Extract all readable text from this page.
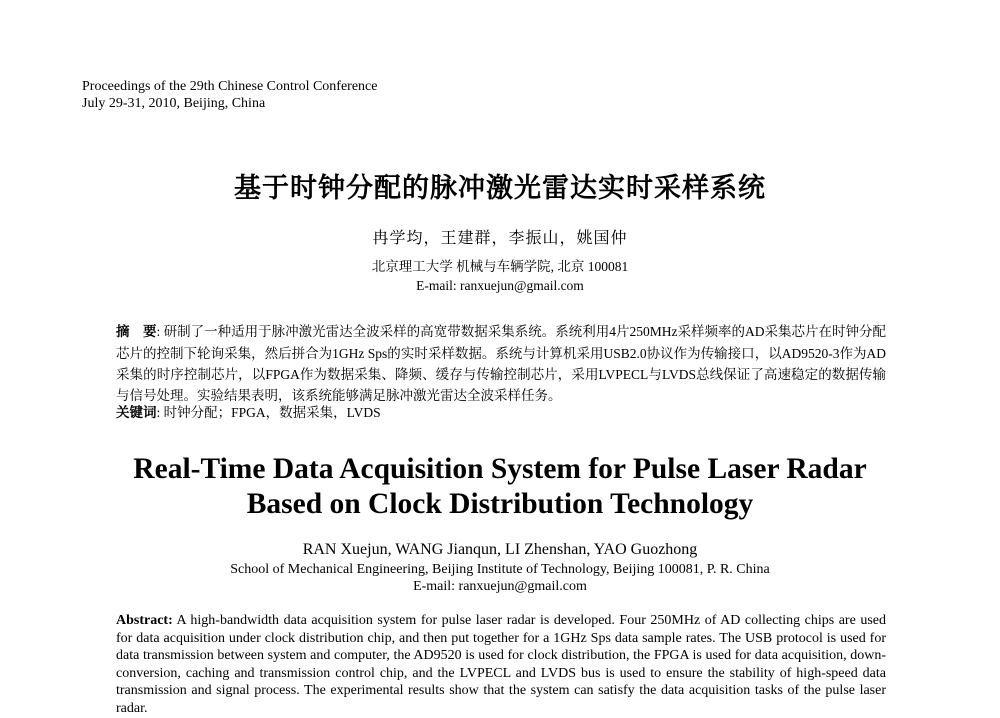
Proceedings of the 29th Chinese Control Conference
July 29-31, 2010, Beijing, China
基于时钟分配的脉冲激光雷达实时采样系统
冉学均，王建群，李振山，姚国仲
北京理工大学 机械与车辆学院, 北京 100081
E-mail: ranxuejun@gmail.com
摘　要: 研制了一种适用于脉冲激光雷达全波采样的高宽带数据采集系统。系统利用4片250MHz采样频率的AD采集芯片在时钟分配芯片的控制下轮询采集，然后拼合为1GHz Sps的实时采样数据。系统与计算机采用USB2.0协议作为传输接口，以AD9520-3作为AD采集的时序控制芯片，以FPGA作为数据采集、降频、缓存与传输控制芯片，采用LVPECL与LVDS总线保证了高速稳定的数据传输与信号处理。实验结果表明，该系统能够满足脉冲激光雷达全波采样任务。
关键词: 时钟分配；FPGA，数据采集，LVDS
Real-Time Data Acquisition System for Pulse Laser Radar
Based on Clock Distribution Technology
RAN Xuejun, WANG Jianqun, LI Zhenshan, YAO Guozhong
School of Mechanical Engineering, Beijing Institute of Technology, Beijing 100081, P. R. China
E-mail: ranxuejun@gmail.com
Abstract: A high-bandwidth data acquisition system for pulse laser radar is developed. Four 250MHz of AD collecting chips are used for data acquisition under clock distribution chip, and then put together for a 1GHz Sps data sample rates. The USB protocol is used for data transmission between system and computer, the AD9520 is used for clock distribution, the FPGA is used for data acquisition, down-conversion, caching and transmission control chip, and the LVPECL and LVDS bus is used to ensure the stability of high-speed data transmission and signal process. The experimental results show that the system can satisfy the data acquisition tasks of the pulse laser radar.
